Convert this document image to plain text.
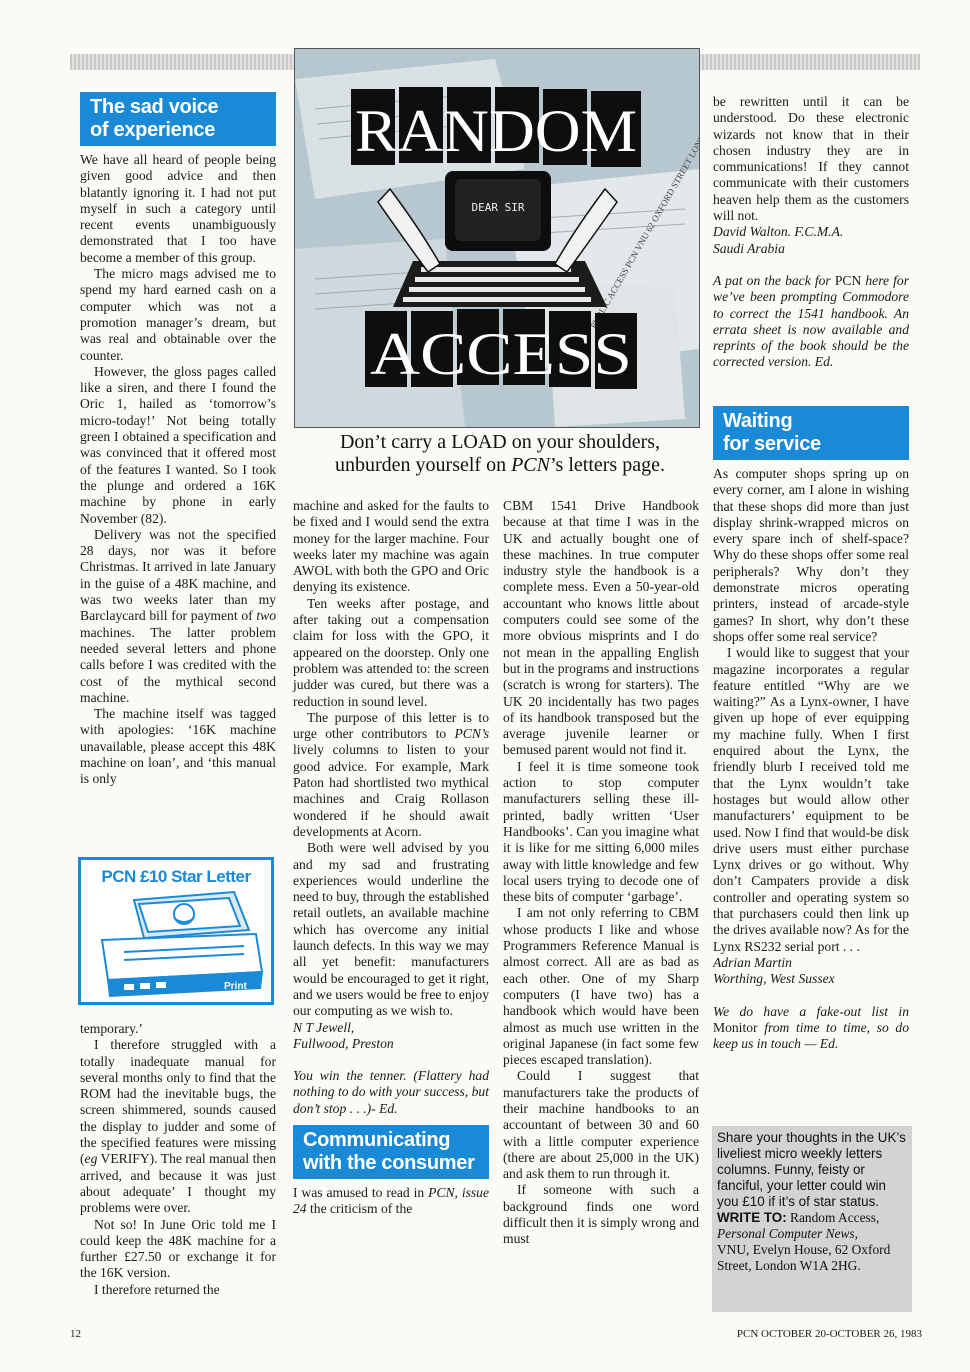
The sad voice
of experience

We have all heard of people being given good advice and then blatantly ignoring it. I had not put myself in such a category until recent events unambiguously demonstrated that I too have become a member of this group.

The micro mags advised me to spend my hard earned cash on a computer which was not a promotion manager’s dream, but was real and obtainable over the counter.

However, the gloss pages called like a siren, and there I found the Oric 1, hailed as ‘tomorrow’s micro-today!’ Not being totally green I obtained a specification and was convinced that it offered most of the features I wanted. So I took the plunge and ordered a 16K machine by phone in early November (82).

Delivery was not the specified 28 days, nor was it before Christmas. It arrived in late January in the guise of a 48K machine, and was two weeks later than my Barclaycard bill for payment of two machines. The latter problem needed several letters and phone calls before I was credited with the cost of the mythical second machine.

The machine itself was tagged with apologies: ‘16K machine unavailable, please accept this 48K machine on loan’, and ‘this manual is only

PCN £10 Star Letter
Print

temporary.’

I therefore struggled with a totally inadequate manual for several months only to find that the ROM had the inevitable bugs, the screen shimmered, sounds caused the display to judder and some of the specified features were missing (eg VERIFY). The real manual then arrived, and because it was just about adequate’ I thought my problems were over.

Not so! In June Oric told me I could keep the 48K machine for a further £27.50 or exchange it for the 16K version.

I therefore returned the

RANDOM
ACCESS
DEAR SIR
Don’t carry a LOAD on your shoulders,
unburden yourself on PCN’s letters page.

machine and asked for the faults to be fixed and I would send the extra money for the larger machine. Four weeks later my machine was again AWOL with both the GPO and Oric denying its existence.

Ten weeks after postage, and after taking out a compensation claim for loss with the GPO, it appeared on the doorstep. Only one problem was attended to: the screen judder was cured, but there was a reduction in sound level.

The purpose of this letter is to urge other contributors to PCN’s lively columns to listen to your good advice. For example, Mark Paton had shortlisted two mythical machines and Craig Rollason wondered if he should await developments at Acorn.

Both were well advised by you and my sad and frustrating experiences would underline the need to buy, through the established retail outlets, an available machine which has overcome any initial launch defects. In this way we may all yet benefit: manufacturers would be encouraged to get it right, and we users would be free to enjoy our computing as we wish to.

N T Jewell,

Fullwood, Preston

You win the tenner. (Flattery had nothing to do with your success, but don’t stop . . .)- Ed.

Communicating
with the consumer

I was amused to read in PCN, issue 24 the criticism of the

CBM 1541 Drive Handbook because at that time I was in the UK and actually bought one of these machines. In true computer industry style the handbook is a complete mess. Even a 50-year-old accountant who knows little about computers could see some of the more obvious misprints and I do not mean in the appalling English but in the programs and instructions (scratch is wrong for starters). The UK 20 incidentally has two pages of its handbook transposed but the average juvenile learner or bemused parent would not find it.

I feel it is time someone took action to stop computer manufacturers selling these ill-printed, badly written ‘User Handbooks’. Can you imagine what it is like for me sitting 6,000 miles away with little knowledge and few local users trying to decode one of these bits of computer ‘garbage’.

I am not only referring to CBM whose products I like and whose Programmers Reference Manual is almost correct. All are as bad as each other. One of my Sharp computers (I have two) has a handbook which would have been almost as much use written in the original Japanese (in fact some few pieces escaped translation).

Could I suggest that manufacturers take the products of their machine handbooks to an accountant of between 30 and 60 with a little computer experience (there are about 25,000 in the UK) and ask them to run through it.

If someone with such a background finds one word difficult then it is simply wrong and must

be rewritten until it can be understood. Do these electronic wizards not know that in their chosen industry they are in communications! If they cannot communicate with their customers heaven help them as the customers will not.

David Walton. F.C.M.A.

Saudi Arabia

A pat on the back for PCN here for we’ve been prompting Commodore to correct the 1541 handbook. An errata sheet is now available and reprints of the book should be the corrected version. Ed.

Waiting
for service

As computer shops spring up on every corner, am I alone in wishing that these shops did more than just display shrink-wrapped micros on every spare inch of shelf-space? Why do these shops offer some real peripherals? Why don’t they demonstrate micros operating printers, instead of arcade-style games? In short, why don’t these shops offer some real service?

I would like to suggest that your magazine incorporates a regular feature entitled “Why are we waiting?” As a Lynx-owner, I have given up hope of ever equipping my machine fully. When I first enquired about the Lynx, the friendly blurb I received told me that the Lynx wouldn’t take hostages but would allow other manufacturers’ equipment to be used. Now I find that would-be disk drive users must either purchase Lynx drives or go without. Why don’t Campaters provide a disk controller and operating system so that purchasers could then link up the drives available now? As for the Lynx RS232 serial port . . .

Adrian Martin

Worthing, West Sussex

We do have a fake-out list in Monitor from time to time, so do keep us in touch — Ed.

Share your thoughts in the UK’s liveliest micro weekly letters columns. Funny, feisty or fanciful, your letter could win you £10 if it’s of star status.
WRITE TO: Random Access,
Personal Computer News,
VNU, Evelyn House, 62 Oxford Street, London W1A 2HG.
12	PCN OCTOBER 20-OCTOBER 26, 1983
